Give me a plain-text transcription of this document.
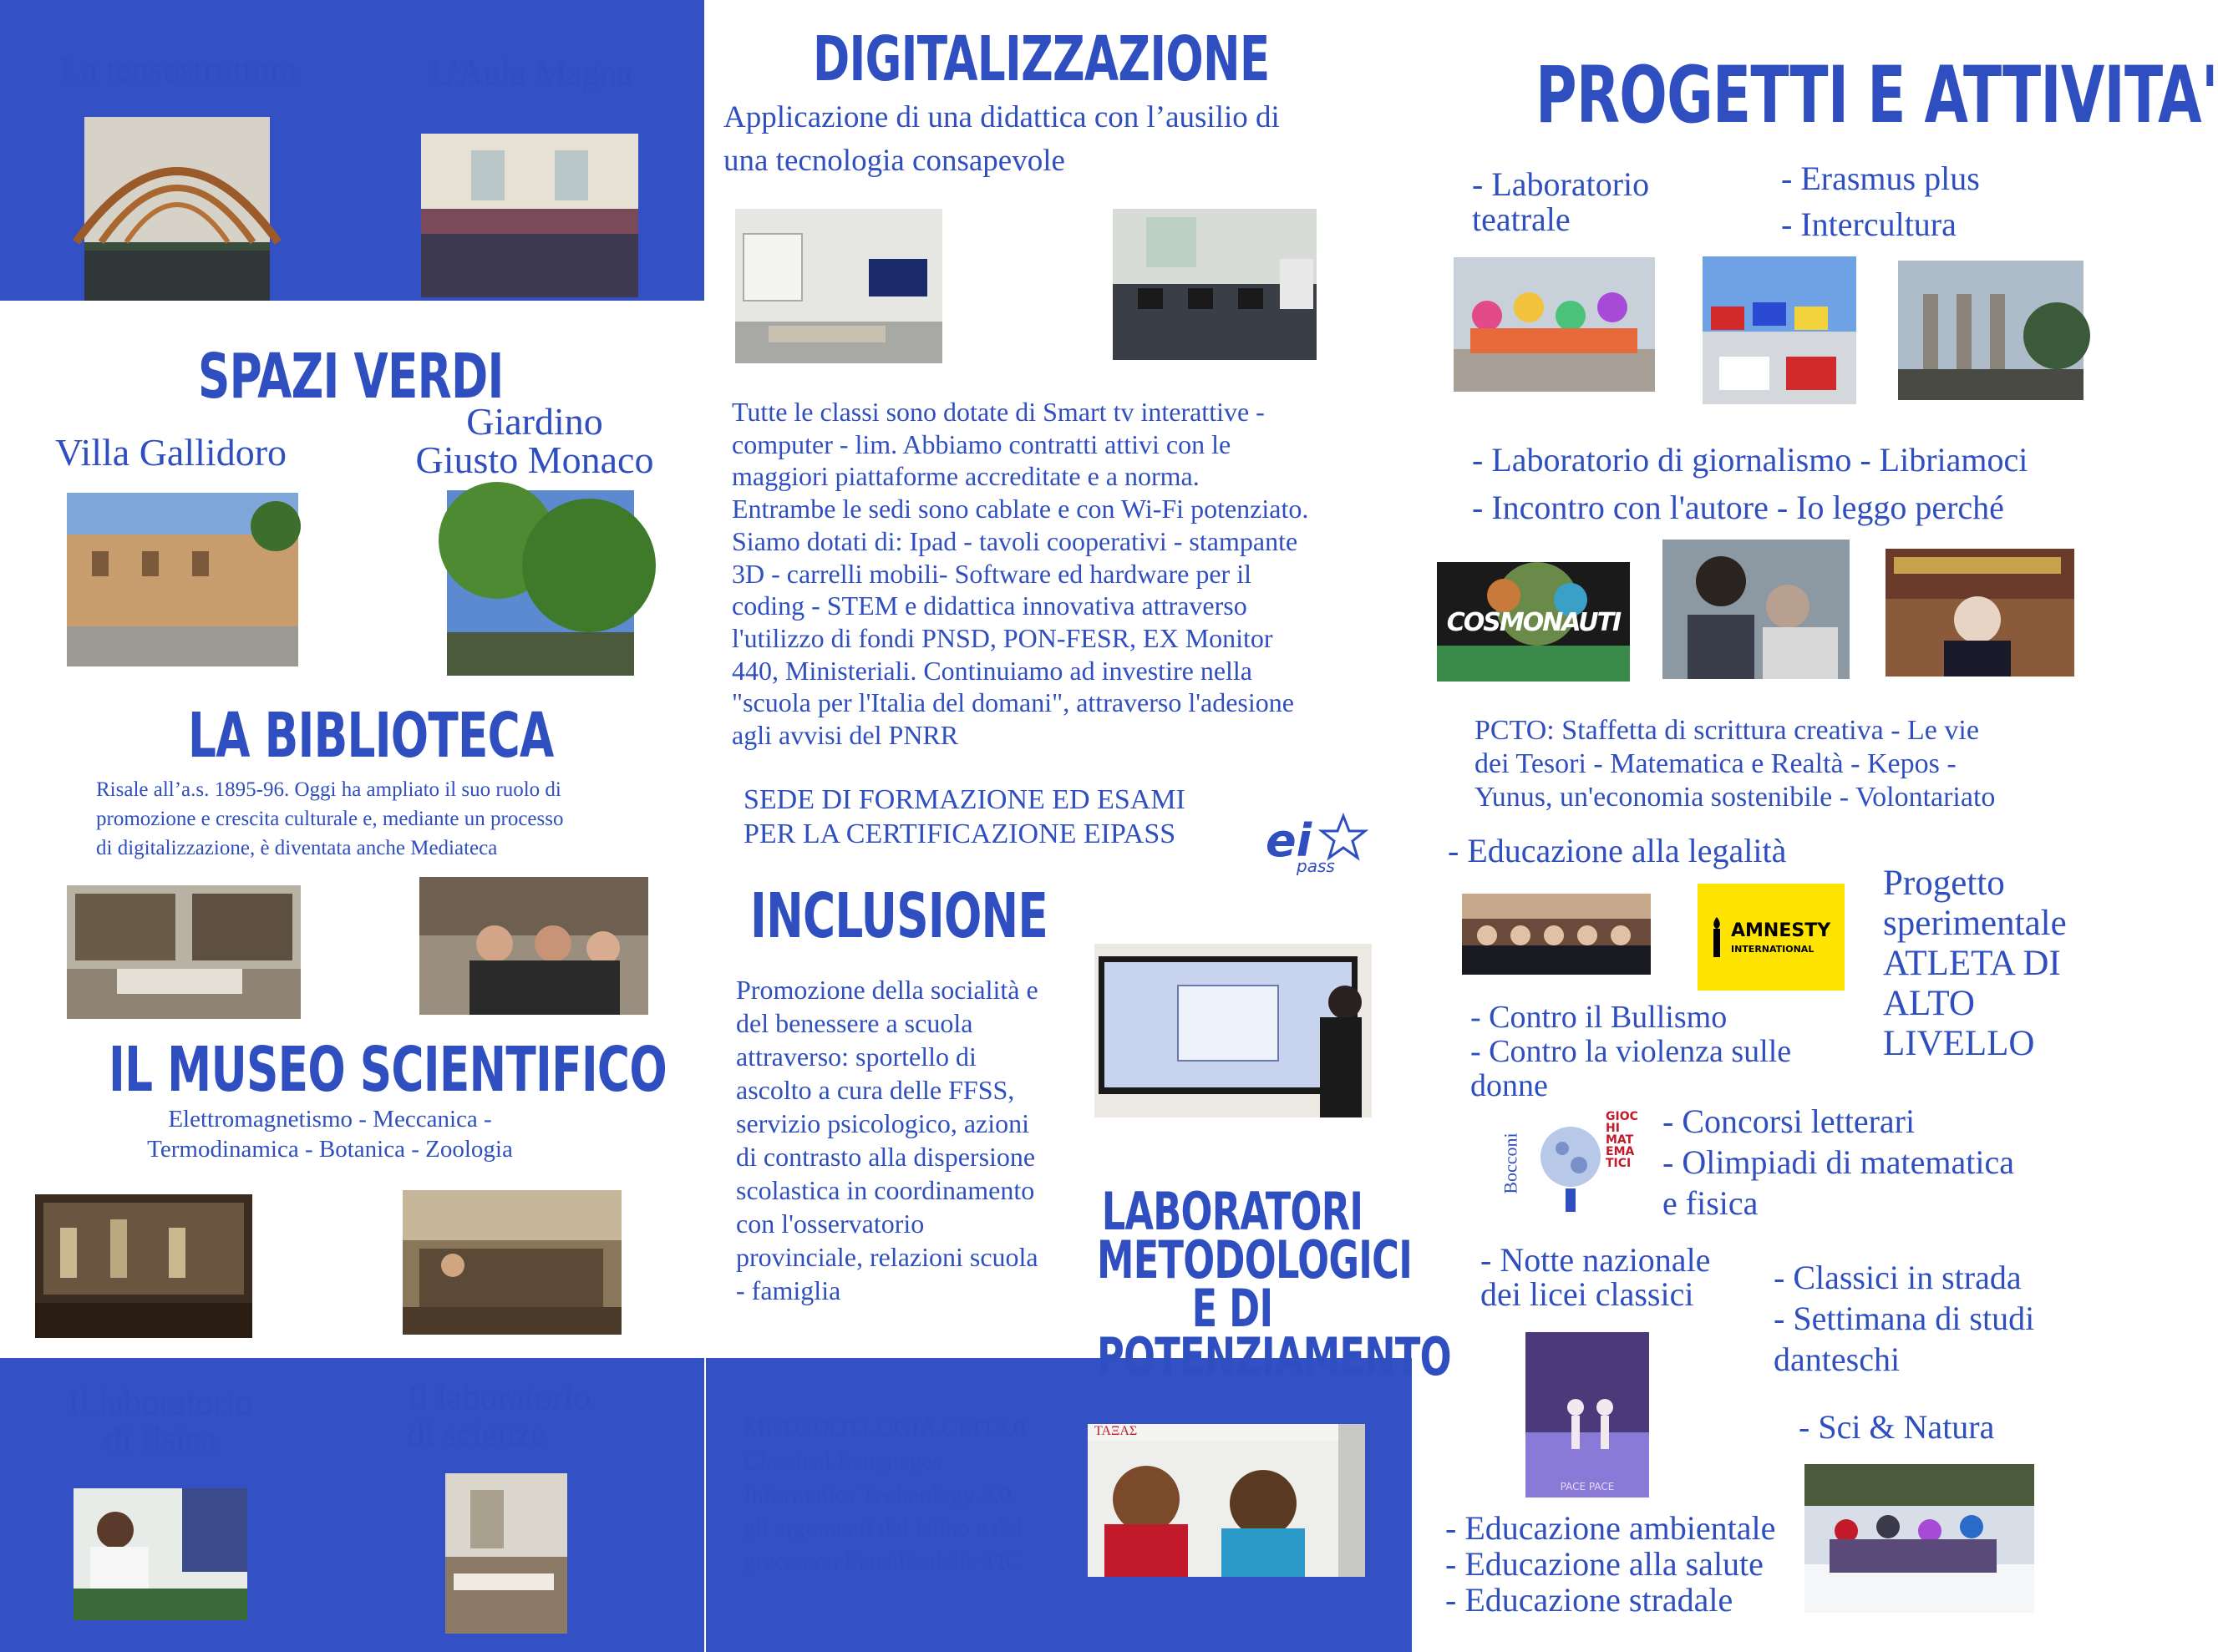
La tensostruttura	L'Aula Magna
SPAZI VERDI
Villa Gallidoro
Giardino
Giusto Monaco
LA BIBLIOTECA
Risale all’a.s. 1895-96. Oggi ha ampliato il suo ruolo di
promozione e crescita culturale e, mediante un processo
di digitalizzazione, è diventata anche Mediateca
IL MUSEO SCIENTIFICO
Elettromagnetismo - Meccanica -
Termodinamica - Botanica - Zoologia
Il laboratorio
di fisica
Il laboratorio
di scienze
DIGITALIZZAZIONE
Applicazione di una didattica con l’ausilio di
una tecnologia consapevole
Tutte le classi sono dotate di Smart tv interattive -
computer - lim. Abbiamo contratti attivi con le
maggiori piattaforme accreditate e a norma.
Entrambe le sedi sono cablate e con Wi-Fi potenziato.
Siamo dotati di: Ipad - tavoli cooperativi - stampante
3D - carrelli mobili- Software ed hardware per il
coding - STEM e didattica innovativa attraverso
l'utilizzo di fondi PNSD, PON-FESR, EX Monitor
440, Ministeriali. Continuiamo ad investire nella
"scuola per l'Italia del domani", attraverso l'adesione
agli avvisi del PNRR
SEDE DI FORMAZIONE ED ESAMI
PER LA CERTIFICAZIONE EIPASS ei
pass
INCLUSIONE
Promozione della socialità e
del benessere a scuola
attraverso: sportello di
ascolto a cura delle FFSS,
servizio psicologico, azioni
di contrasto alla dispersione
scolastica in coordinamento
con l'osservatorio
provinciale, relazioni scuola
- famiglia
LABORATORI
METODOLOGICI E DI
POTENZIAMENTO
METODOTLOGIA CLIT2.0
Classical Languages
Informatics Technology 2.0
gli argomenti del latino e del
greco con l’ausilio delle TIC
ΤΑΞΑΣ
PROGETTI E ATTIVITA'
- Laboratorio
teatrale
- Erasmus plus
- Intercultura
- Laboratorio di giornalismo - Libriamoci
- Incontro con l'autore - Io leggo perché
COSMONAUTI
PCTO: Staffetta di scrittura creativa - Le vie
dei Tesori - Matematica e Realtà - Kepos -
Yunus, un'economia sostenibile - Volontariato
- Educazione alla legalità
AMNESTY
INTERNATIONAL
Progetto
sperimentale
ATLETA DI
ALTO
LIVELLO
- Contro il Bullismo
- Contro la violenza sulle
donne
Bocconi
GIOCHI
MATEMATICI
- Concorsi letterari
- Olimpiadi di matematica
e fisica
- Notte nazionale
dei licei classici	- Classici in strada
- Settimana di studi
danteschi
PACE PACE
- Sci & Natura
- Educazione ambientale
- Educazione alla salute
- Educazione stradale
